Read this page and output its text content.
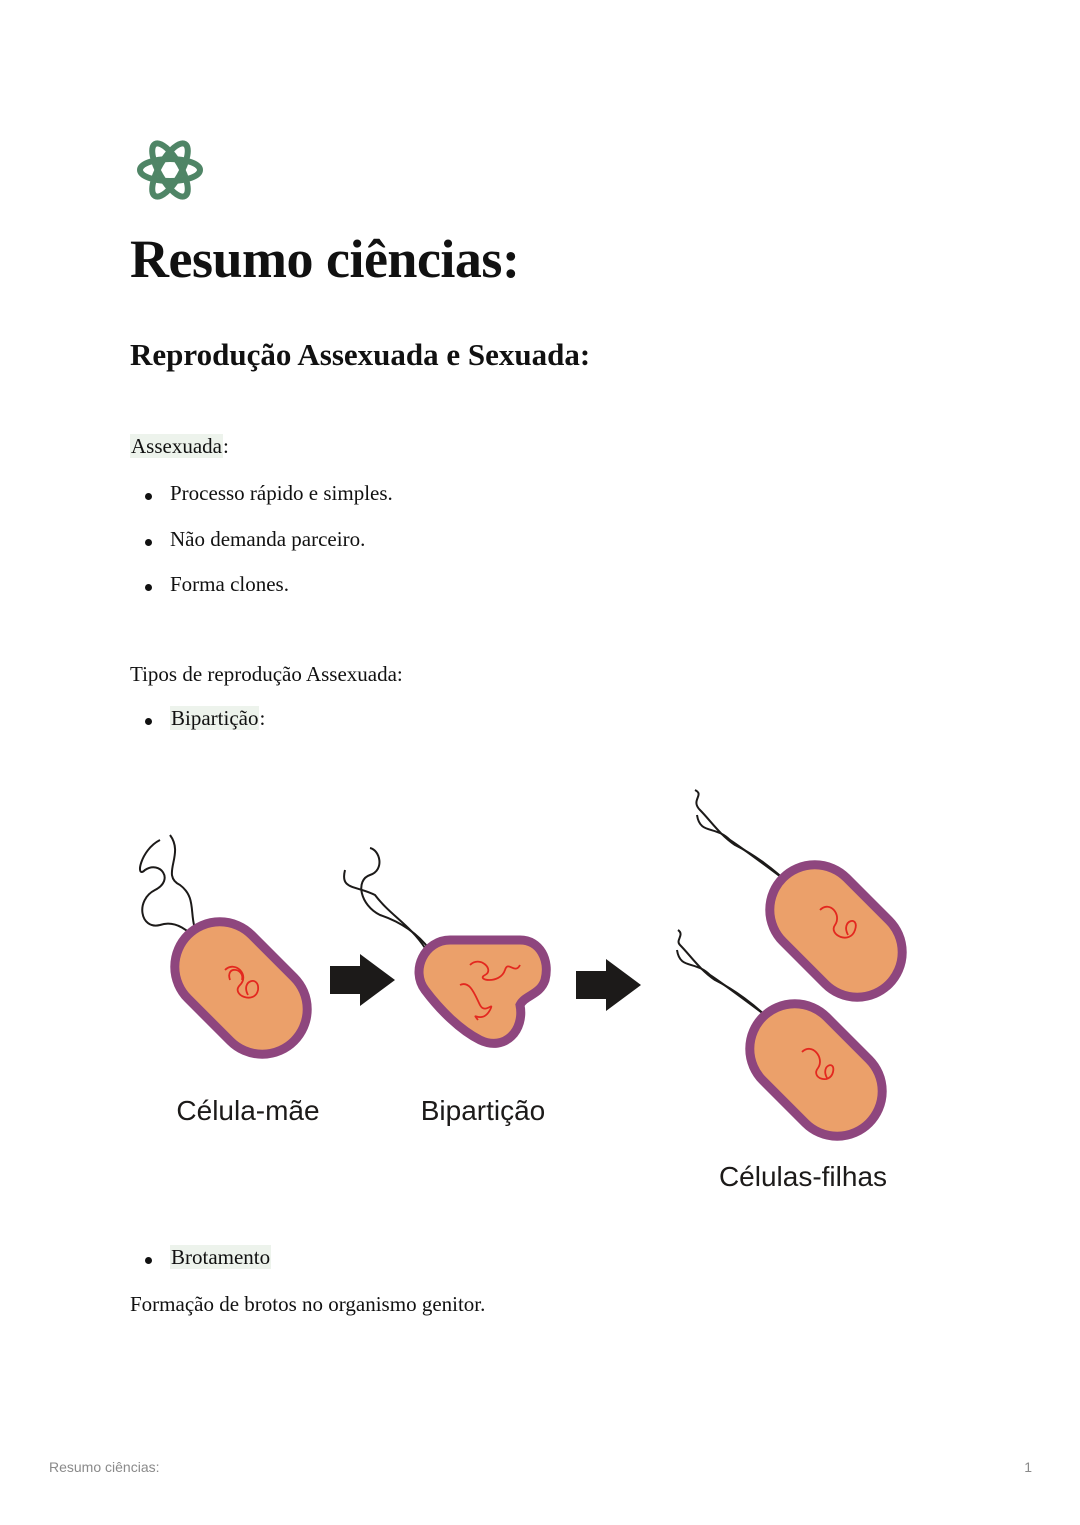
Resumo ciências:
Reprodução Assexuada e Sexuada:

Assexuada:

Processo rápido e simples.
Não demanda parceiro.
Forma clones.

Tipos de reprodução Assexuada:

Bipartição:
Célula-mãe	Bipartição
Células-filhas
Brotamento

Formação de brotos no organismo genitor.

Resumo ciências:	1
